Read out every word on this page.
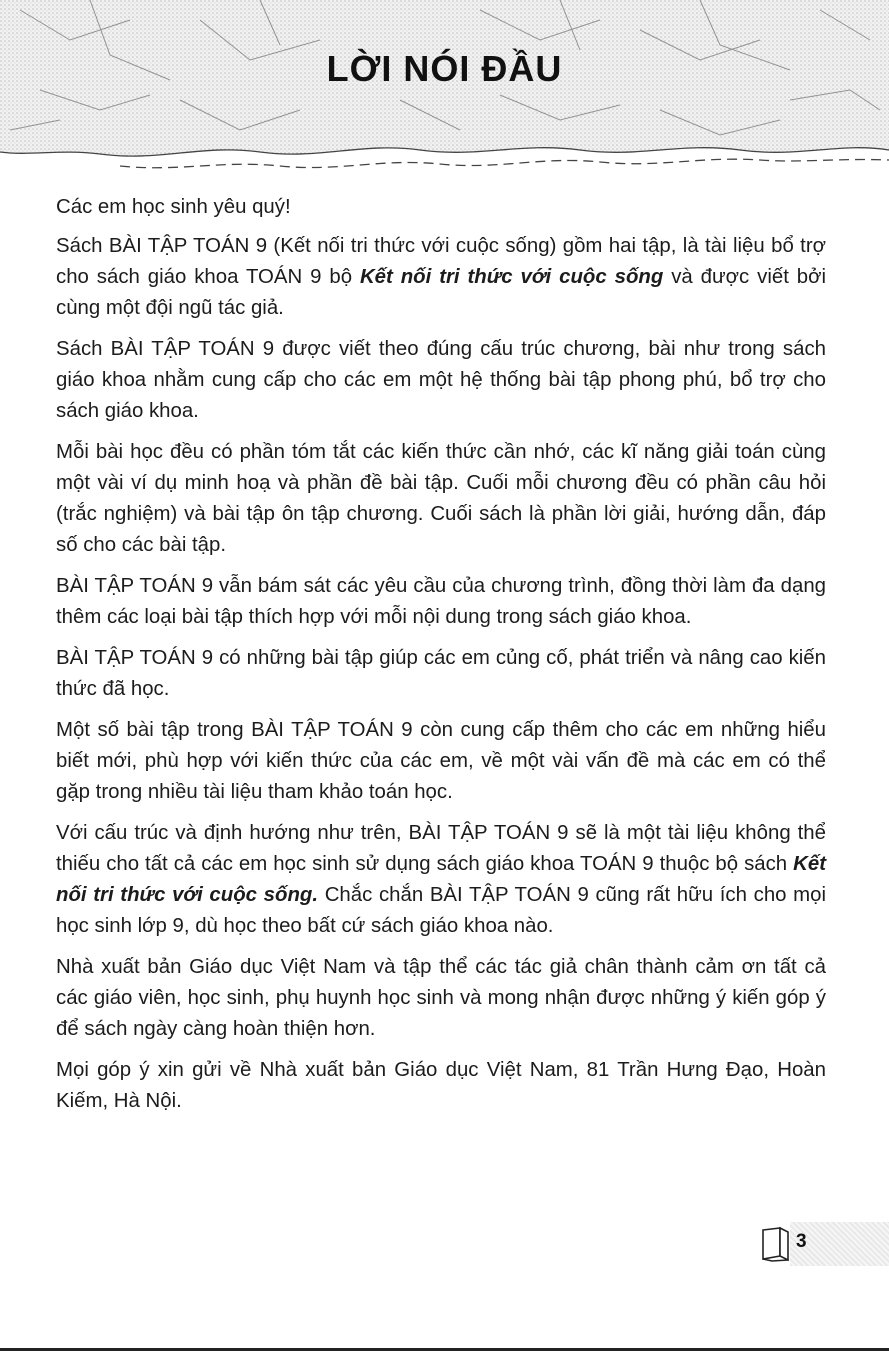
LỜI NÓI ĐẦU

Các em học sinh yêu quý!

Sách BÀI TẬP TOÁN 9 (Kết nối tri thức với cuộc sống) gồm hai tập, là tài liệu bổ trợ cho sách giáo khoa TOÁN 9 bộ Kết nối tri thức với cuộc sống và được viết bởi cùng một đội ngũ tác giả.

Sách BÀI TẬP TOÁN 9 được viết theo đúng cấu trúc chương, bài như trong sách giáo khoa nhằm cung cấp cho các em một hệ thống bài tập phong phú, bổ trợ cho sách giáo khoa.

Mỗi bài học đều có phần tóm tắt các kiến thức cần nhớ, các kĩ năng giải toán cùng một vài ví dụ minh hoạ và phần đề bài tập. Cuối mỗi chương đều có phần câu hỏi (trắc nghiệm) và bài tập ôn tập chương. Cuối sách là phần lời giải, hướng dẫn, đáp số cho các bài tập.

BÀI TẬP TOÁN 9 vẫn bám sát các yêu cầu của chương trình, đồng thời làm đa dạng thêm các loại bài tập thích hợp với mỗi nội dung trong sách giáo khoa.

BÀI TẬP TOÁN 9 có những bài tập giúp các em củng cố, phát triển và nâng cao kiến thức đã học.

Một số bài tập trong BÀI TẬP TOÁN 9 còn cung cấp thêm cho các em những hiểu biết mới, phù hợp với kiến thức của các em, về một vài vấn đề mà các em có thể gặp trong nhiều tài liệu tham khảo toán học.

Với cấu trúc và định hướng như trên, BÀI TẬP TOÁN 9 sẽ là một tài liệu không thể thiếu cho tất cả các em học sinh sử dụng sách giáo khoa TOÁN 9 thuộc bộ sách Kết nối tri thức với cuộc sống. Chắc chắn BÀI TẬP TOÁN 9 cũng rất hữu ích cho mọi học sinh lớp 9, dù học theo bất cứ sách giáo khoa nào.

Nhà xuất bản Giáo dục Việt Nam và tập thể các tác giả chân thành cảm ơn tất cả các giáo viên, học sinh, phụ huynh học sinh và mong nhận được những ý kiến góp ý để sách ngày càng hoàn thiện hơn.

Mọi góp ý xin gửi về Nhà xuất bản Giáo dục Việt Nam, 81 Trần Hưng Đạo, Hoàn Kiếm, Hà Nội.

3
